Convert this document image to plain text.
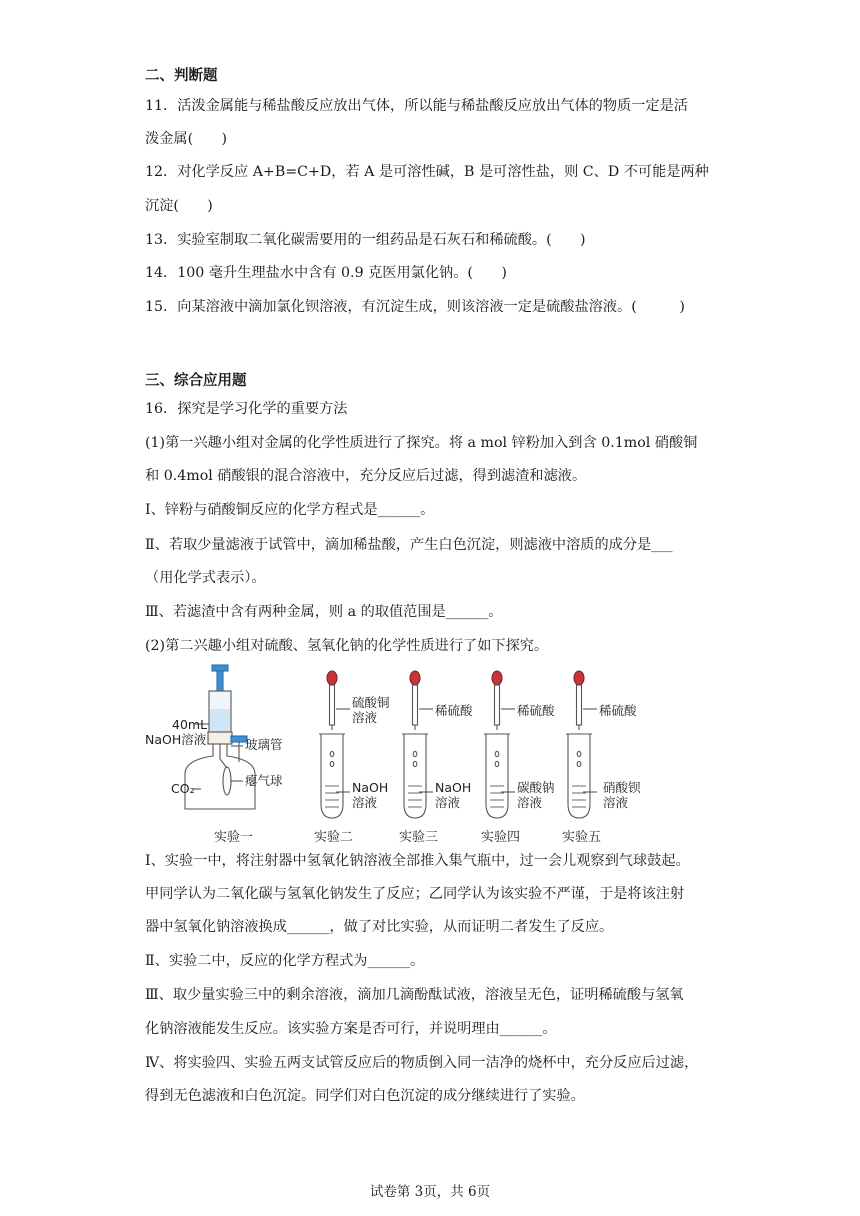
二、判断题
11．活泼金属能与稀盐酸反应放出气体，所以能与稀盐酸反应放出气体的物质一定是活
泼金属(　　)
12．对化学反应 A+B=C+D，若 A 是可溶性碱，B 是可溶性盐，则 C、D 不可能是两种
沉淀(　　)
13．实验室制取二氧化碳需要用的一组药品是石灰石和稀硫酸。(　　)
14．100 毫升生理盐水中含有 0.9 克医用氯化钠。(　　)
15．向某溶液中滴加氯化钡溶液，有沉淀生成，则该溶液一定是硫酸盐溶液。(　　　)
三、综合应用题
16．探究是学习化学的重要方法
(1)第一兴趣小组对金属的化学性质进行了探究。将 a mol 锌粉加入到含 0.1mol 硝酸铜
和 0.4mol 硝酸银的混合溶液中，充分反应后过滤，得到滤渣和滤液。
Ⅰ、锌粉与硝酸铜反应的化学方程式是______。
Ⅱ、若取少量滤液于试管中，滴加稀盐酸，产生白色沉淀，则滤液中溶质的成分是___
（用化学式表示）。
Ⅲ、若滤渣中含有两种金属，则 a 的取值范围是______。
(2)第二兴趣小组对硫酸、氢氧化钠的化学性质进行了如下探究。
40mL
NaOH溶液	玻璃管
瘪气球
CO₂
实验一
硫酸铜
溶液
NaOH
溶液
实验二
稀硫酸
NaOH
溶液
实验三
稀硫酸
碳酸钠
溶液
实验四
稀硫酸
硝酸钡
溶液
实验五
Ⅰ、实验一中，将注射器中氢氧化钠溶液全部推入集气瓶中，过一会儿观察到气球鼓起。
甲同学认为二氧化碳与氢氧化钠发生了反应；乙同学认为该实验不严谨，于是将该注射
器中氢氧化钠溶液换成______，做了对比实验，从而证明二者发生了反应。
Ⅱ、实验二中，反应的化学方程式为______。
Ⅲ、取少量实验三中的剩余溶液，滴加几滴酚酞试液，溶液呈无色，证明稀硫酸与氢氧
化钠溶液能发生反应。该实验方案是否可行，并说明理由______。
Ⅳ、将实验四、实验五两支试管反应后的物质倒入同一洁净的烧杯中，充分反应后过滤，
得到无色滤液和白色沉淀。同学们对白色沉淀的成分继续进行了实验。
试卷第 3页，共 6页
